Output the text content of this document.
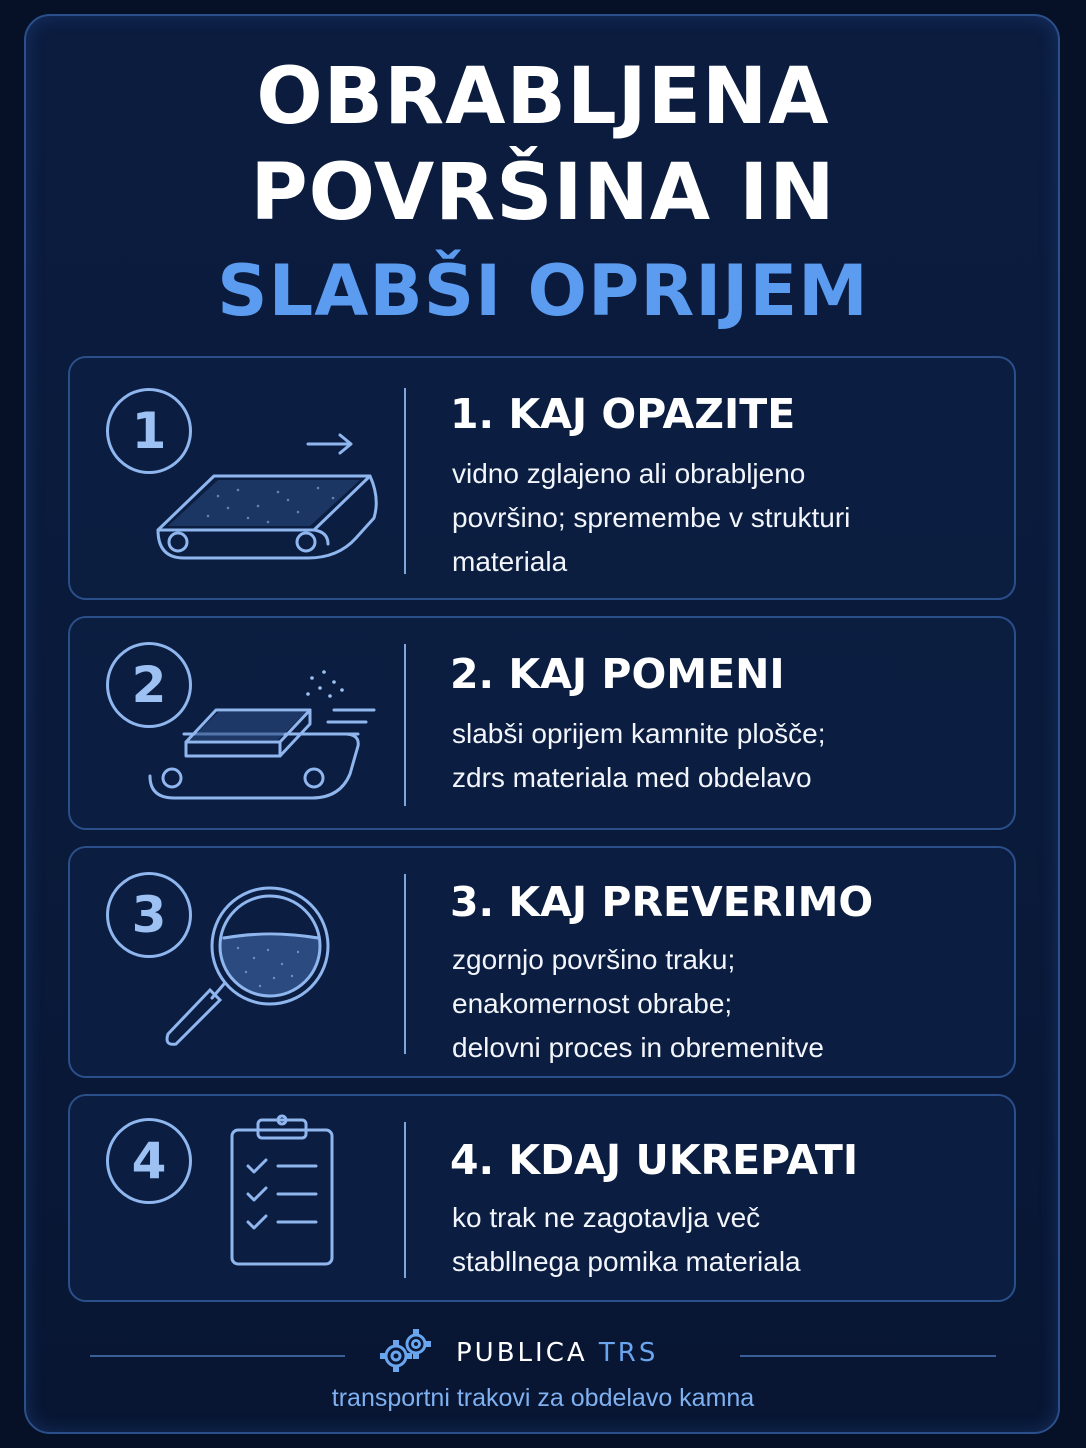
OBRABLJENA
POVRŠINA IN
SLABŠI OPRIJEM
1	1. KAJ OPAZITE
vidno zglajeno ali obrabljeno
površino; spremembe v strukturi
materiala
2	2. KAJ POMENI
slabši oprijem kamnite plošče;
zdrs materiala med obdelavo
3	3. KAJ PREVERIMO
zgornjo površino traku;
enakomernost obrabe;
delovni proces in obremenitve
4	4. KDAJ UKREPATI
ko trak ne zagotavlja več
stabllnega pomika materiala
PUBLICA TRS
transportni trakovi za obdelavo kamna
